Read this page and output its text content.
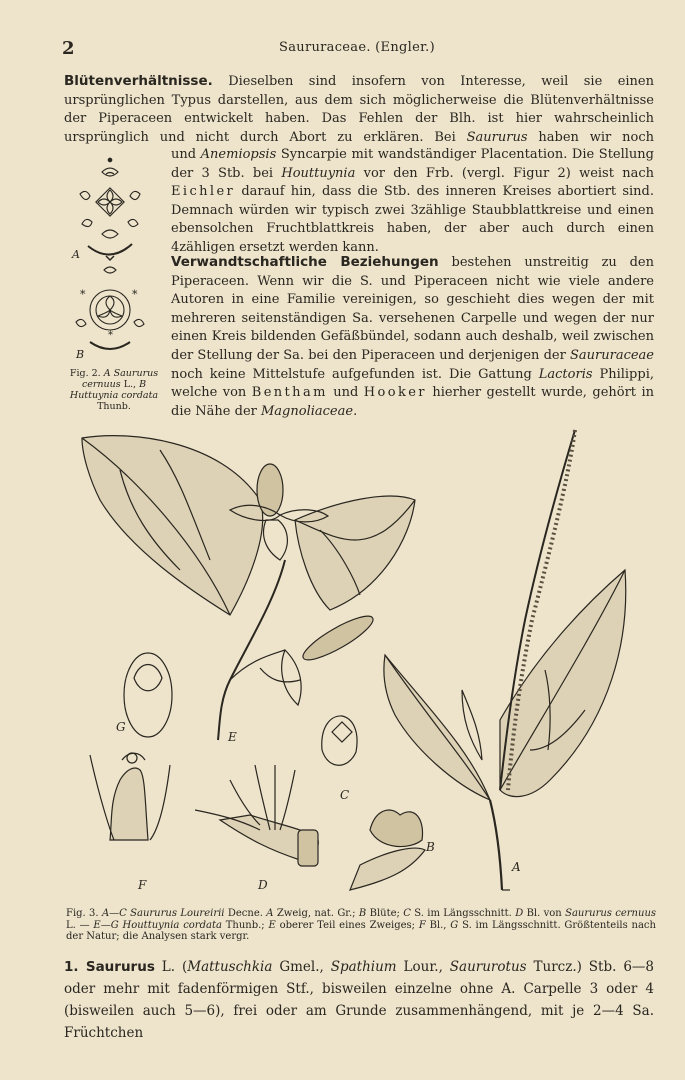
2	Saururaceae. (Engler.)
Blütenverhältnisse. Dieselben sind insofern von Interesse, weil sie einen ursprünglichen Typus darstellen, aus dem sich möglicherweise die Blütenverhältnisse der Piperaceen entwickelt haben. Das Fehlen der Blh. ist hier wahrscheinlich ursprünglich und nicht durch Abort zu erklären. Bei Saururus haben wir noch
und Anemiopsis Syncarpie mit wandständiger Placentation. Die Stellung der 3 Stb. bei Houttuynia vor den Frb. (vergl. Figur 2) weist nach Eichler darauf hin, dass die Stb. des inneren Kreises abortiert sind. Demnach würden wir typisch zwei 3zählige Staubblattkreise und einen ebensolchen Fruchtblattkreis haben, der aber auch durch einen 4zähligen ersetzt werden kann.
Verwandtschaftliche Beziehungen bestehen unstreitig zu den Piperaceen. Wenn wir die S. und Piperaceen nicht wie viele andere Autoren in eine Familie vereinigen, so geschieht dies wegen der mit mehreren seitenständigen Sa. versehenen Carpelle und wegen der nur einen Kreis bildenden Gefäßbündel, sodann auch deshalb, weil zwischen der Stellung der Sa. bei den Piperaceen und derjenigen der Saururaceae noch keine Mittelstufe aufgefunden ist. Die Gattung Lactoris Philippi, welche von Bentham und Hooker hierher gestellt wurde, gehört in die Nähe der Magnoliaceae.
*	*
*
A
B
Fig. 2. A Saururus cernuus L., B Huttuynia cordata Thunb.
E
G
C
F	D
B
A
Fig. 3. A—C Saururus Loureirii Decne. A Zweig, nat. Gr.; B Blüte; C S. im Längsschnitt. D Bl. von Saururus cernuus L. — E—G Houttuynia cordata Thunb.; E oberer Teil eines Zweiges; F Bl., G S. im Längsschnitt. Größtenteils nach der Natur; die Analysen stark vergr.
1. Saururus L. (Mattuschkia Gmel., Spathium Lour., Saururotus Turcz.) Stb. 6—8 oder mehr mit fadenförmigen Stf., bisweilen einzelne ohne A. Carpelle 3 oder 4 (bisweilen auch 5—6), frei oder am Grunde zusammenhängend, mit je 2—4 Sa. Früchtchen
